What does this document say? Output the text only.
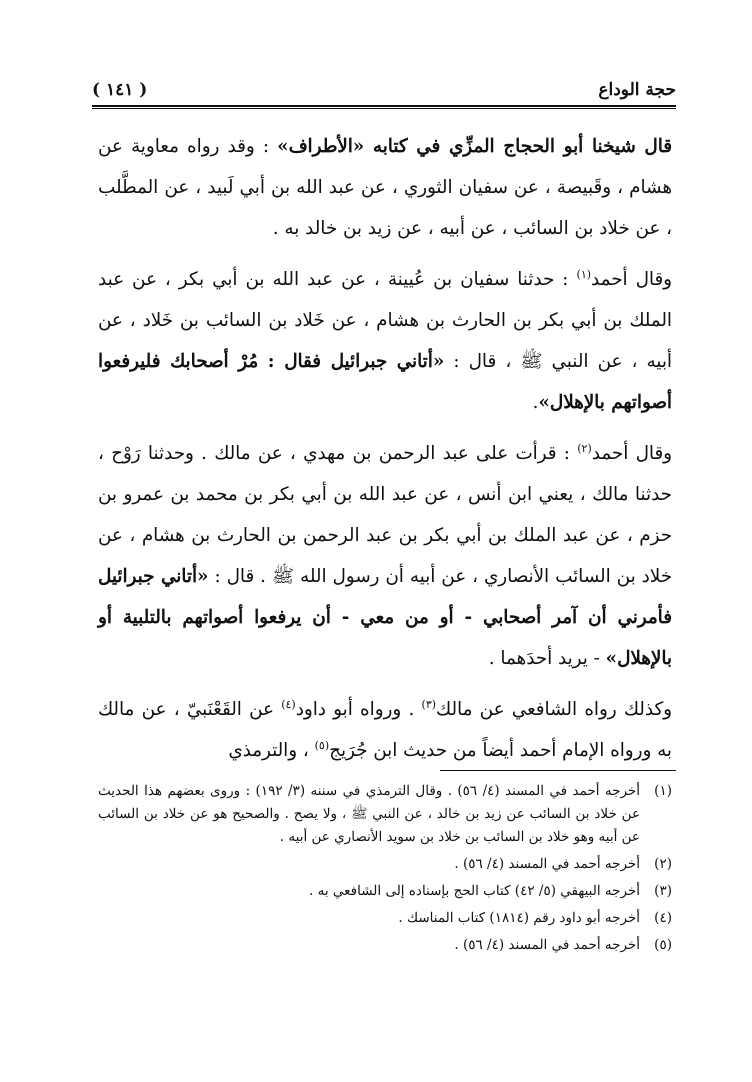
( ١٤١ )	حجة الوداع

قال شيخنا أبو الحجاج المزِّي في كتابه «الأطراف» : وقد رواه معاوية عن هشام ، وقَبيصة ، عن سفيان الثوري ، عن عبد الله بن أبي لَبيد ، عن المطَّلب ، عن خلاد بن السائب ، عن أبيه ، عن زيد بن خالد به .

وقال أحمد$^{(١)}$ : حدثنا سفيان بن عُيينة ، عن عبد الله بن أبي بكر ، عن عبد الملك بن أبي بكر بن الحارث بن هشام ، عن خَلاد بن السائب بن خَلاد ، عن أبيه ، عن النبي ﷺ ، قال : «أتاني جبرائيل فقال : مُرْ أصحابك فليرفعوا أصواتهم بالإهلال».

وقال أحمد$^{(٢)}$ : قرأت على عبد الرحمن بن مهدي ، عن مالك . وحدثنا رَوْح ، حدثنا مالك ، يعني ابن أنس ، عن عبد الله بن أبي بكر بن محمد بن عمرو بن حزم ، عن عبد الملك بن أبي بكر بن عبد الرحمن بن الحارث بن هشام ، عن خلاد بن السائب الأنصاري ، عن أبيه أن رسول الله ﷺ . قال : «أتاني جبرائيل فأمرني أن آمر أصحابي - أو من معي - أن يرفعوا أصواتهم بالتلبية أو بالإهلال» - يريد أحدَهما .

وكذلك رواه الشافعي عن مالك$^{(٣)}$ . ورواه أبو داود$^{(٤)}$ عن القَعْنَبيّ ، عن مالك به ورواه الإمام أحمد أيضاً من حديث ابن جُرَيج$^{(٥)}$ ، والترمذي

(١)
أخرجه أحمد في المسند (٤/ ٥٦) . وقال الترمذي في سننه (٣/ ١٩٢) : وروى بعضهم هذا الحديث عن خلاد بن السائب عن زيد بن خالد ، عن النبي ﷺ ، ولا يصح . والصحيح هو عن خلاد بن السائب عن أبيه وهو خلاد بن السائب بن خلاد بن سويد الأنصاري عن أبيه .
(٢)
أخرجه أحمد في المسند (٤/ ٥٦) .
(٣)
أخرجه البيهقي (٥/ ٤٢) كتاب الحج بإسناده إلى الشافعي به .
(٤)
أخرجه أبو داود رقم (١٨١٤) كتاب المناسك .
(٥)
أخرجه أحمد في المسند (٤/ ٥٦) .
